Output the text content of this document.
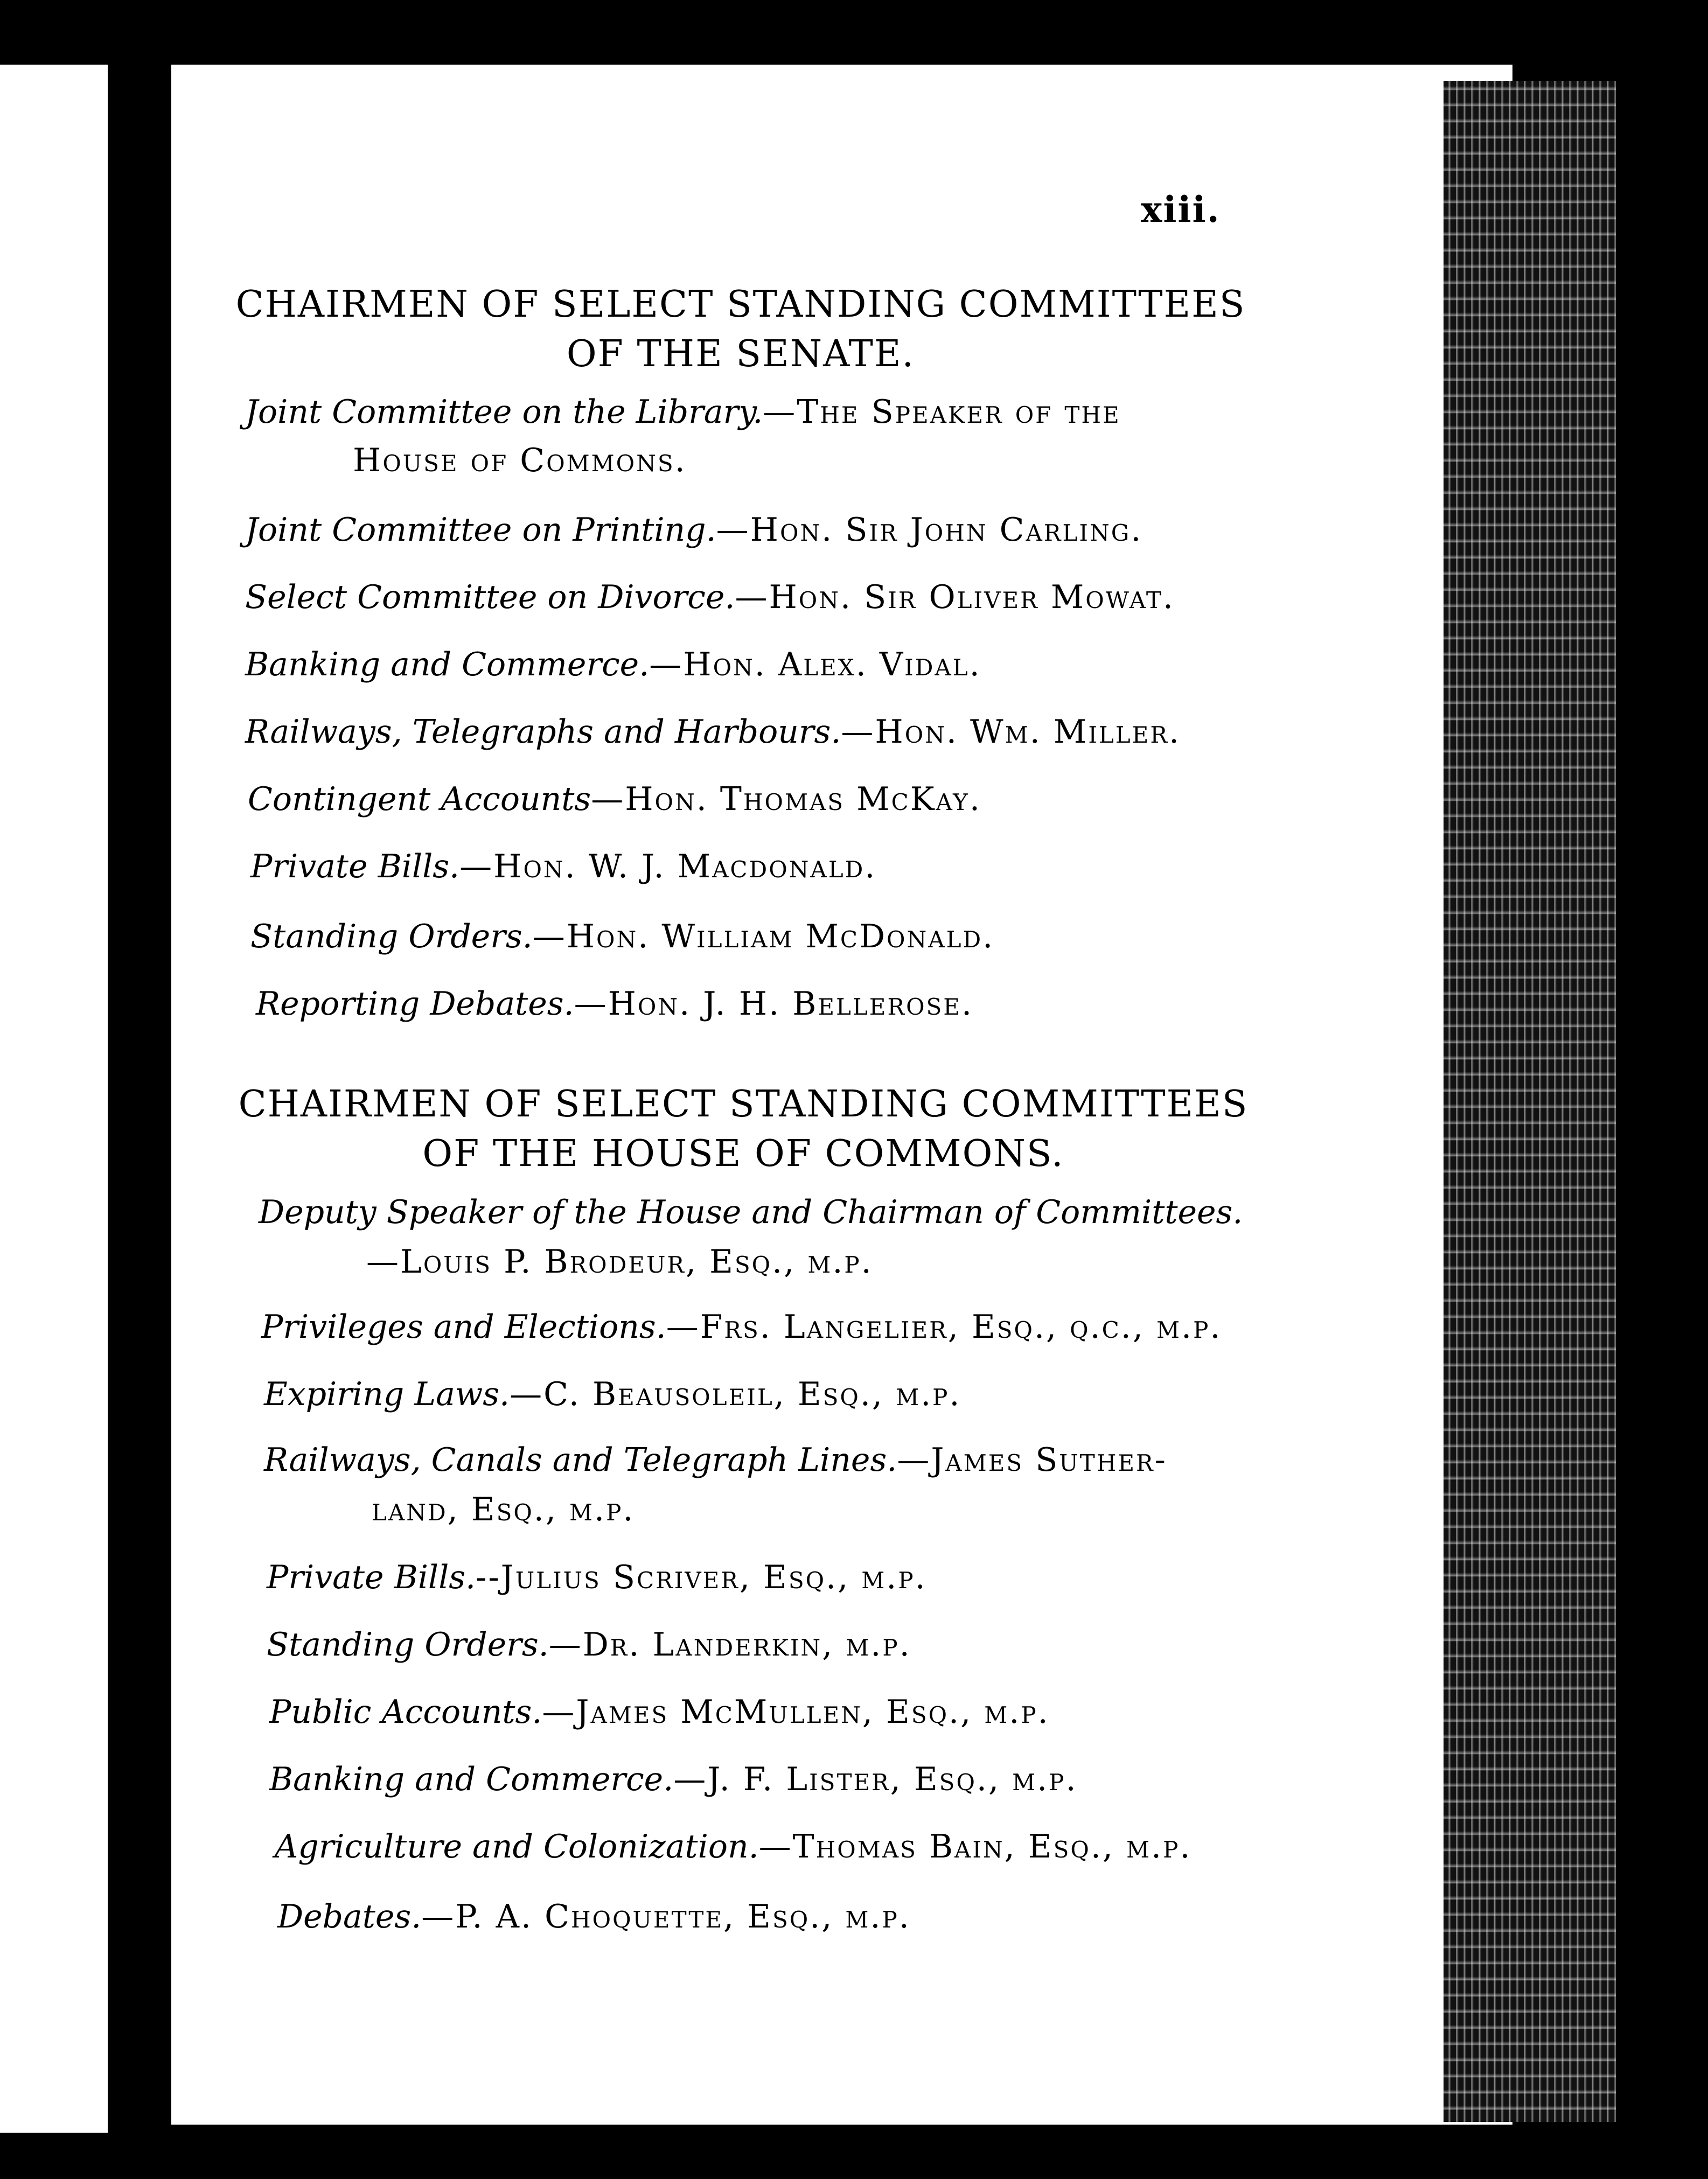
xiii.
CHAIRMEN OF SELECT STANDING COMMITTEES
OF THE SENATE.
Joint Committee on the Library.—The Speaker of the
House of Commons.
Joint Committee on Printing.—Hon. Sir John Carling.
Select Committee on Divorce.—Hon. Sir Oliver Mowat.
Banking and Commerce.—Hon. Alex. Vidal.
Railways, Telegraphs and Harbours.—Hon. Wm. Miller.
Contingent Accounts—Hon. Thomas McKay.
Private Bills.—Hon. W. J. Macdonald.
Standing Orders.—Hon. William McDonald.
Reporting Debates.—Hon. J. H. Bellerose.
CHAIRMEN OF SELECT STANDING COMMITTEES
OF THE HOUSE OF COMMONS.
Deputy Speaker of the House and Chairman of Committees.
—Louis P. Brodeur, Esq., m.p.
Privileges and Elections.—Frs. Langelier, Esq., q.c., m.p.
Expiring Laws.—C. Beausoleil, Esq., m.p.
Railways, Canals and Telegraph Lines.—James Suther-
land, Esq., m.p.
Private Bills.--Julius Scriver, Esq., m.p.
Standing Orders.—Dr. Landerkin, m.p.
Public Accounts.—James McMullen, Esq., m.p.
Banking and Commerce.—J. F. Lister, Esq., m.p.
Agriculture and Colonization.—Thomas Bain, Esq., m.p.
Debates.—P. A. Choquette, Esq., m.p.
